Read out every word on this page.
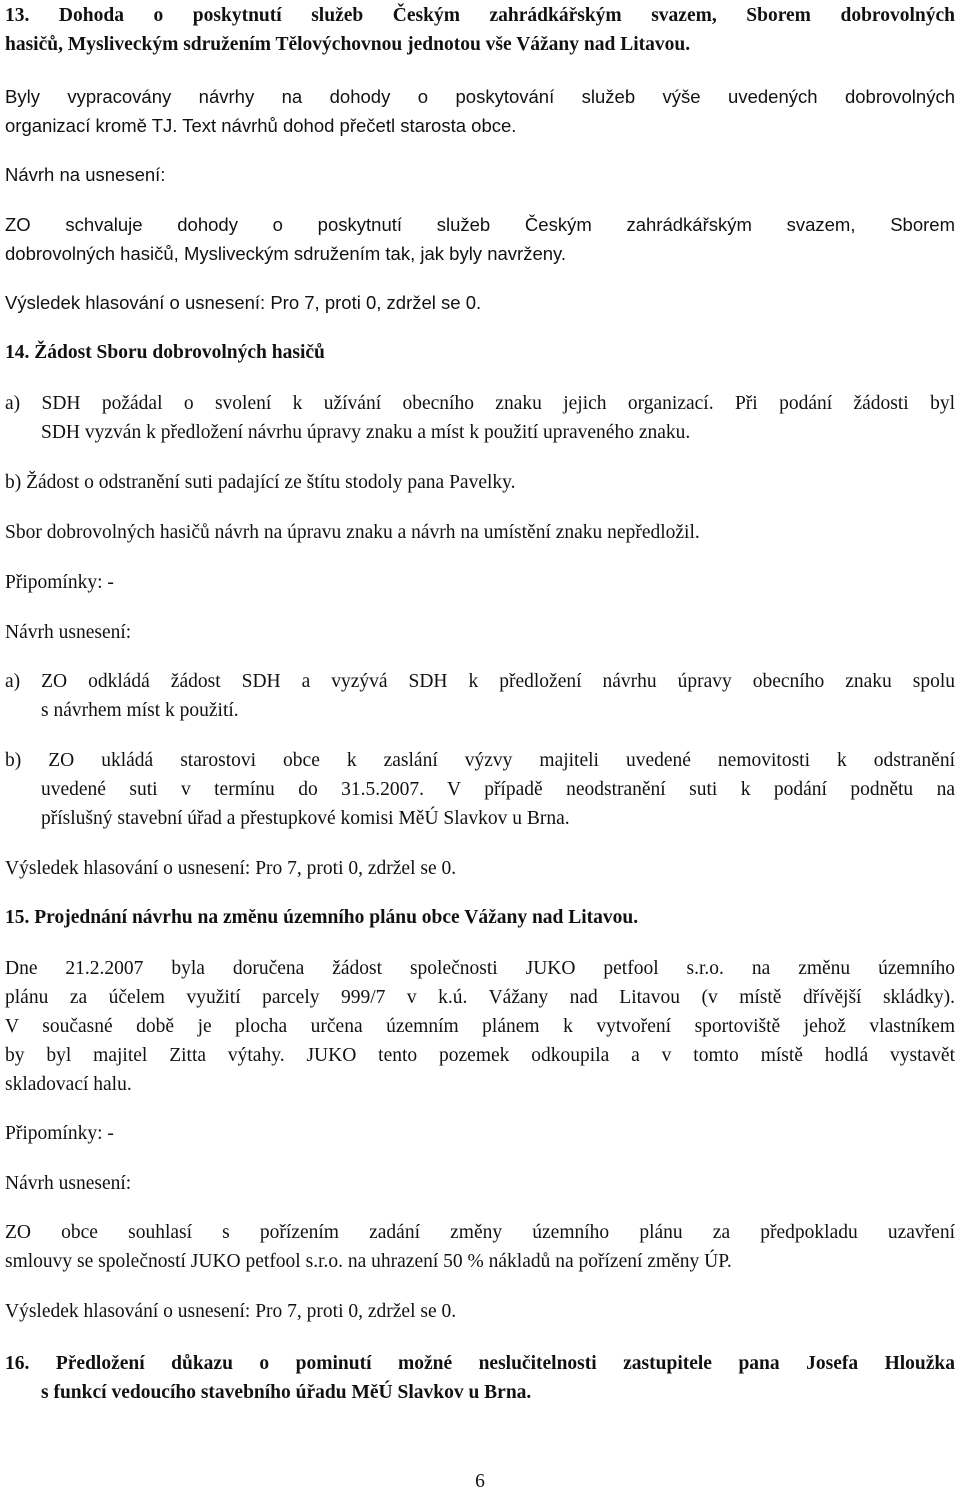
13. Dohoda o poskytnutí služeb Českým zahrádkářským svazem, Sborem dobrovolných
hasičů, Mysliveckým sdružením Tělovýchovnou jednotou vše Vážany nad Litavou.
Byly vypracovány návrhy na dohody o poskytování služeb výše uvedených dobrovolných
organizací kromě TJ. Text návrhů dohod přečetl starosta obce.
Návrh na usnesení:
ZO schvaluje dohody o poskytnutí služeb Českým zahrádkářským svazem, Sborem
dobrovolných hasičů, Mysliveckým sdružením tak, jak byly navrženy.
Výsledek hlasování o usnesení: Pro 7, proti 0, zdržel se 0.
14. Žádost Sboru dobrovolných hasičů
a) SDH požádal o svolení k užívání obecního znaku jejich organizací. Při podání žádosti byl
SDH vyzván k předložení návrhu úpravy znaku a míst k použití upraveného znaku.
b) Žádost o odstranění suti padající ze štítu stodoly pana Pavelky.
Sbor dobrovolných hasičů návrh na úpravu znaku a návrh na umístění znaku nepředložil.
Připomínky: -
Návrh usnesení:
a) ZO odkládá žádost SDH a vyzývá SDH k předložení návrhu úpravy obecního znaku spolu
s návrhem míst k použití.
b) ZO ukládá starostovi obce k zaslání výzvy majiteli uvedené nemovitosti k odstranění
uvedené suti v termínu do 31.5.2007. V případě neodstranění suti k podání podnětu na
příslušný stavební úřad a přestupkové komisi MěÚ Slavkov u Brna.
Výsledek hlasování o usnesení: Pro 7, proti 0, zdržel se 0.
15. Projednání návrhu na změnu územního plánu obce Vážany nad Litavou.
Dne 21.2.2007 byla doručena žádost společnosti JUKO petfool s.r.o. na změnu územního
plánu za účelem využití parcely 999/7 v k.ú. Vážany nad Litavou (v místě dřívější skládky).
V současné době je plocha určena územním plánem k vytvoření sportoviště jehož vlastníkem
by byl majitel Zitta výtahy. JUKO tento pozemek odkoupila a v tomto místě hodlá vystavět
skladovací halu.
Připomínky: -
Návrh usnesení:
ZO obce souhlasí s pořízením zadání změny územního plánu za předpokladu uzavření
smlouvy se společností JUKO petfool s.r.o. na uhrazení 50 % nákladů na pořízení změny ÚP.
Výsledek hlasování o usnesení: Pro 7, proti 0, zdržel se 0.
16. Předložení důkazu o pominutí možné neslučitelnosti zastupitele pana Josefa Hloužka
s funkcí vedoucího stavebního úřadu MěÚ Slavkov u Brna.
6
